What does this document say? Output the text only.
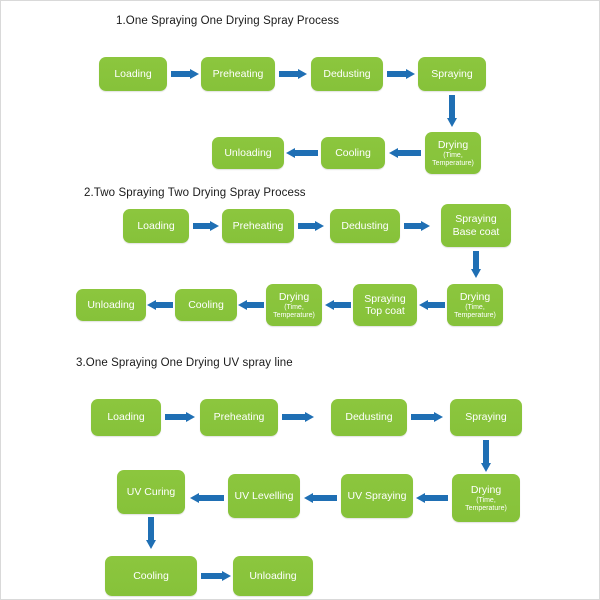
1.One Spraying One Drying Spray Process
Loading	Preheating	Dedusting	Spraying
Drying
(Time, Temperature)
Cooling
Unloading
2.Two Spraying Two Drying Spray Process
Loading	Preheating	Dedusting
Spraying Base coat
Drying
(Time, Temperature)
Spraying Top coat
Drying
(Time, Temperature)
Cooling
Unloading
3.One Spraying One Drying UV spray line
Loading	Preheating	Dedusting	Spraying
Drying
(Time, Temperature)
UV Spraying
UV Levelling
UV Curing
Cooling	Unloading
